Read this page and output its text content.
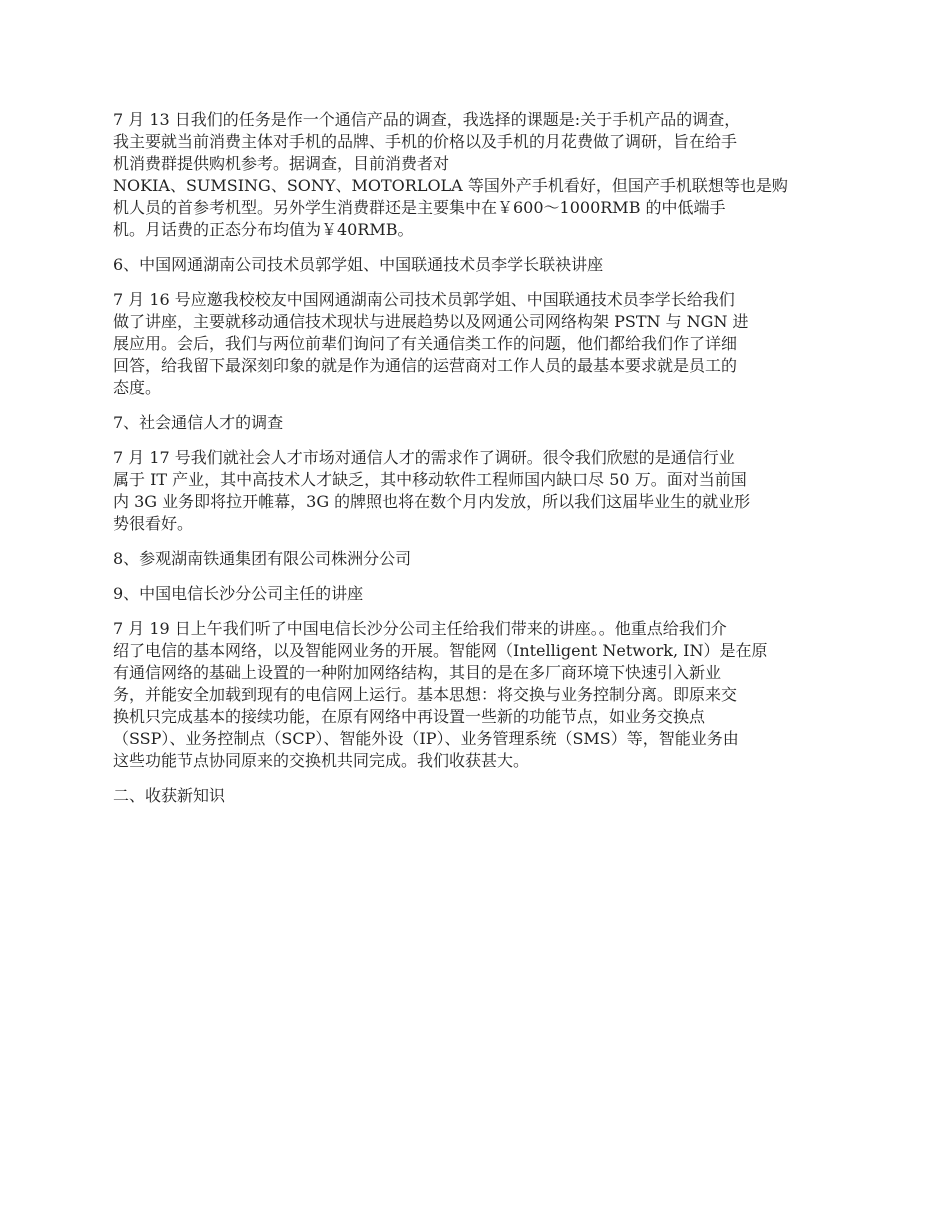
7 月 13 日我们的任务是作一个通信产品的调查，我选择的课题是:关于手机产品的调查，
我主要就当前消费主体对手机的品牌、手机的价格以及手机的月花费做了调研，旨在给手
机消费群提供购机参考。据调查，目前消费者对
NOKIA、SUMSING、SONY、MOTORLOLA 等国外产手机看好，但国产手机联想等也是购
机人员的首参考机型。另外学生消费群还是主要集中在￥600～1000RMB 的中低端手
机。月话费的正态分布均值为￥40RMB。

6、中国网通湖南公司技术员郭学姐、中国联通技术员李学长联袂讲座

7 月 16 号应邀我校校友中国网通湖南公司技术员郭学姐、中国联通技术员李学长给我们
做了讲座，主要就移动通信技术现状与进展趋势以及网通公司网络构架 PSTN 与 NGN 进
展应用。会后，我们与两位前辈们询问了有关通信类工作的问题，他们都给我们作了详细
回答，给我留下最深刻印象的就是作为通信的运营商对工作人员的最基本要求就是员工的
态度。

7、社会通信人才的调查

7 月 17 号我们就社会人才市场对通信人才的需求作了调研。很令我们欣慰的是通信行业
属于 IT 产业，其中高技术人才缺乏，其中移动软件工程师国内缺口尽 50 万。面对当前国
内 3G 业务即将拉开帷幕，3G 的牌照也将在数个月内发放，所以我们这届毕业生的就业形
势很看好。

8、参观湖南铁通集团有限公司株洲分公司

9、中国电信长沙分公司主任的讲座

7 月 19 日上午我们听了中国电信长沙分公司主任给我们带来的讲座。。他重点给我们介
绍了电信的基本网络，以及智能网业务的开展。智能网（Intelligent Network, IN）是在原
有通信网络的基础上设置的一种附加网络结构，其目的是在多厂商环境下快速引入新业
务，并能安全加载到现有的电信网上运行。基本思想：将交换与业务控制分离。即原来交
换机只完成基本的接续功能，在原有网络中再设置一些新的功能节点，如业务交换点
（SSP）、业务控制点（SCP）、智能外设（IP）、业务管理系统（SMS）等，智能业务由
这些功能节点协同原来的交换机共同完成。我们收获甚大。

二、收获新知识
